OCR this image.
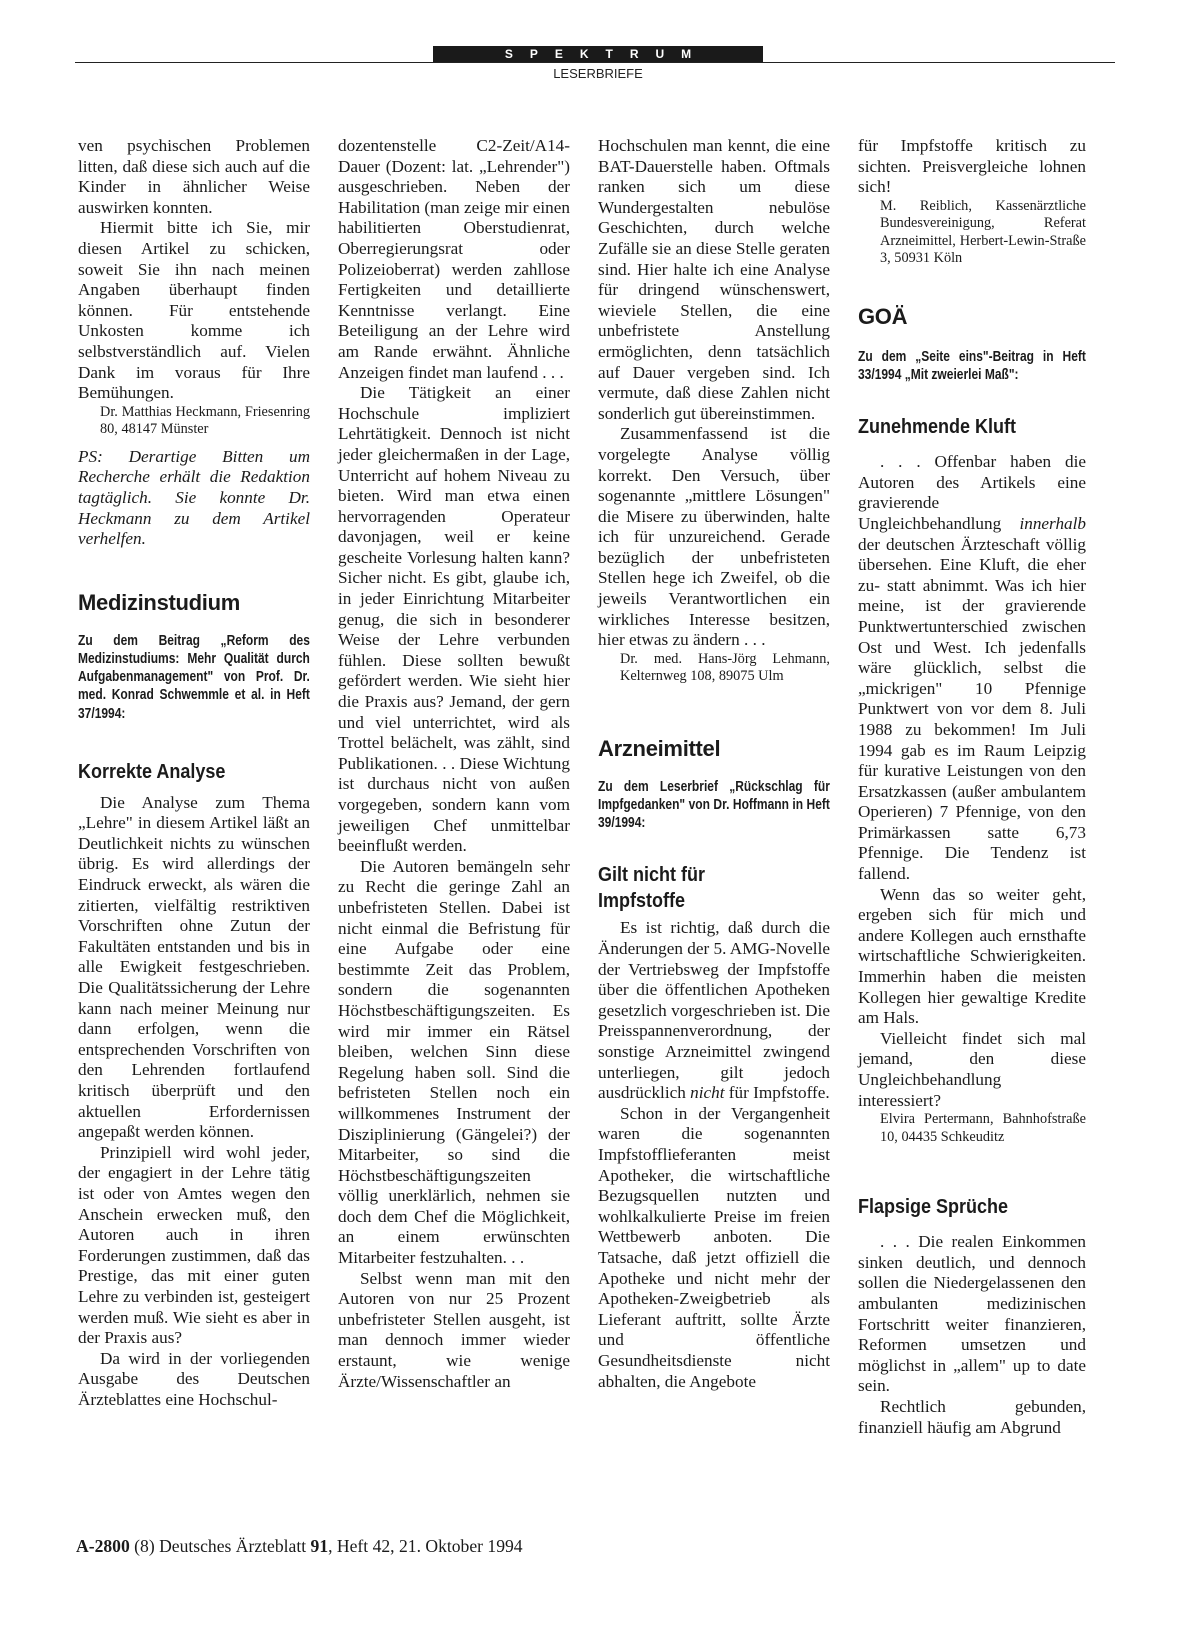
SPEKTRUM
LESERBRIEFE

ven psychischen Problemen litten, daß diese sich auch auf die Kinder in ähnlicher Weise auswirken konnten.

Hiermit bitte ich Sie, mir diesen Artikel zu schicken, soweit Sie ihn nach meinen Angaben überhaupt finden können. Für entstehende Unkosten komme ich selbstverständlich auf. Vielen Dank im voraus für Ihre Bemühungen.

Dr. Matthias Heckmann, Friesenring 80, 48147 Münster

PS: Derartige Bitten um Recherche erhält die Redaktion tagtäglich. Sie konnte Dr. Heckmann zu dem Artikel verhelfen.

Medizinstudium

Zu dem Beitrag „Reform des Medizinstudiums: Mehr Qualität durch Aufgabenmanagement" von Prof. Dr. med. Konrad Schwemmle et al. in Heft 37/1994:

Korrekte Analyse

Die Analyse zum Thema „Lehre" in diesem Artikel läßt an Deutlichkeit nichts zu wünschen übrig. Es wird allerdings der Eindruck erweckt, als wären die zitierten, vielfältig restriktiven Vorschriften ohne Zutun der Fakultäten entstanden und bis in alle Ewigkeit festgeschrieben. Die Qualitätssicherung der Lehre kann nach meiner Meinung nur dann erfolgen, wenn die entsprechenden Vorschriften von den Lehrenden fortlaufend kritisch überprüft und den aktuellen Erfordernissen angepaßt werden können.

Prinzipiell wird wohl jeder, der engagiert in der Lehre tätig ist oder von Amtes wegen den Anschein erwecken muß, den Autoren auch in ihren Forderungen zustimmen, daß das Prestige, das mit einer guten Lehre zu verbinden ist, gesteigert werden muß. Wie sieht es aber in der Praxis aus?

Da wird in der vorliegenden Ausgabe des Deutschen Ärzteblattes eine Hochschul-

dozentenstelle C2-Zeit/A14-Dauer (Dozent: lat. „Lehrender") ausgeschrieben. Neben der Habilitation (man zeige mir einen habilitierten Oberstudienrat, Oberregierungsrat oder Polizeioberrat) werden zahllose Fertigkeiten und detaillierte Kenntnisse verlangt. Eine Beteiligung an der Lehre wird am Rande erwähnt. Ähnliche Anzeigen findet man laufend . . .

Die Tätigkeit an einer Hochschule impliziert Lehrtätigkeit. Dennoch ist nicht jeder gleichermaßen in der Lage, Unterricht auf hohem Niveau zu bieten. Wird man etwa einen hervorragenden Operateur davonjagen, weil er keine gescheite Vorlesung halten kann? Sicher nicht. Es gibt, glaube ich, in jeder Einrichtung Mitarbeiter genug, die sich in besonderer Weise der Lehre verbunden fühlen. Diese sollten bewußt gefördert werden. Wie sieht hier die Praxis aus? Jemand, der gern und viel unterrichtet, wird als Trottel belächelt, was zählt, sind Publikationen. . . Diese Wichtung ist durchaus nicht von außen vorgegeben, sondern kann vom jeweiligen Chef unmittelbar beeinflußt werden.

Die Autoren bemängeln sehr zu Recht die geringe Zahl an unbefristeten Stellen. Dabei ist nicht einmal die Befristung für eine Aufgabe oder eine bestimmte Zeit das Problem, sondern die sogenannten Höchstbeschäftigungszeiten. Es wird mir immer ein Rätsel bleiben, welchen Sinn diese Regelung haben soll. Sind die befristeten Stellen noch ein willkommenes Instrument der Disziplinierung (Gängelei?) der Mitarbeiter, so sind die Höchstbeschäftigungszeiten völlig unerklärlich, nehmen sie doch dem Chef die Möglichkeit, an einem erwünschten Mitarbeiter festzuhalten. . .

Selbst wenn man mit den Autoren von nur 25 Prozent unbefristeter Stellen ausgeht, ist man dennoch immer wieder erstaunt, wie wenige Ärzte/Wissenschaftler an

Hochschulen man kennt, die eine BAT-Dauerstelle haben. Oftmals ranken sich um diese Wundergestalten nebulöse Geschichten, durch welche Zufälle sie an diese Stelle geraten sind. Hier halte ich eine Analyse für dringend wünschenswert, wieviele Stellen, die eine unbefristete Anstellung ermöglichten, denn tatsächlich auf Dauer vergeben sind. Ich vermute, daß diese Zahlen nicht sonderlich gut übereinstimmen.

Zusammenfassend ist die vorgelegte Analyse völlig korrekt. Den Versuch, über sogenannte „mittlere Lösungen" die Misere zu überwinden, halte ich für unzureichend. Gerade bezüglich der unbefristeten Stellen hege ich Zweifel, ob die jeweils Verantwortlichen ein wirkliches Interesse besitzen, hier etwas zu ändern . . .

Dr. med. Hans-Jörg Lehmann, Kelternweg 108, 89075 Ulm

Arzneimittel

Zu dem Leserbrief „Rückschlag für Impfgedanken" von Dr. Hoffmann in Heft 39/1994:

Gilt nicht für Impfstoffe

Es ist richtig, daß durch die Änderungen der 5. AMG-Novelle der Vertriebsweg der Impfstoffe über die öffentlichen Apotheken gesetzlich vorgeschrieben ist. Die Preisspannenverordnung, der sonstige Arzneimittel zwingend unterliegen, gilt jedoch ausdrücklich nicht für Impfstoffe.

Schon in der Vergangenheit waren die sogenannten Impfstofflieferanten meist Apotheker, die wirtschaftliche Bezugsquellen nutzten und wohlkalkulierte Preise im freien Wettbewerb anboten. Die Tatsache, daß jetzt offiziell die Apotheke und nicht mehr der Apotheken-Zweigbetrieb als Lieferant auftritt, sollte Ärzte und öffentliche Gesundheitsdienste nicht abhalten, die Angebote

für Impfstoffe kritisch zu sichten. Preisvergleiche lohnen sich!

M. Reiblich, Kassenärztliche Bundesvereinigung, Referat Arzneimittel, Herbert-Lewin-Straße 3, 50931 Köln

GOÄ

Zu dem „Seite eins"-Beitrag in Heft 33/1994 „Mit zweierlei Maß":

Zunehmende Kluft

. . . Offenbar haben die Autoren des Artikels eine gravierende Ungleichbehandlung innerhalb der deutschen Ärzteschaft völlig übersehen. Eine Kluft, die eher zu- statt abnimmt. Was ich hier meine, ist der gravierende Punktwertunterschied zwischen Ost und West. Ich jedenfalls wäre glücklich, selbst die „mickrigen" 10 Pfennige Punktwert von vor dem 8. Juli 1988 zu bekommen! Im Juli 1994 gab es im Raum Leipzig für kurative Leistungen von den Ersatzkassen (außer ambulantem Operieren) 7 Pfennige, von den Primärkassen satte 6,73 Pfennige. Die Tendenz ist fallend.

Wenn das so weiter geht, ergeben sich für mich und andere Kollegen auch ernsthafte wirtschaftliche Schwierigkeiten. Immerhin haben die meisten Kollegen hier gewaltige Kredite am Hals.

Vielleicht findet sich mal jemand, den diese Ungleichbehandlung interessiert?

Elvira Pertermann, Bahnhofstraße 10, 04435 Schkeuditz

Flapsige Sprüche

. . . Die realen Einkommen sinken deutlich, und dennoch sollen die Niedergelassenen den ambulanten medizinischen Fortschritt weiter finanzieren, Reformen umsetzen und möglichst in „allem" up to date sein.

Rechtlich gebunden, finanziell häufig am Abgrund

A-2800 (8) Deutsches Ärzteblatt 91, Heft 42, 21. Oktober 1994
